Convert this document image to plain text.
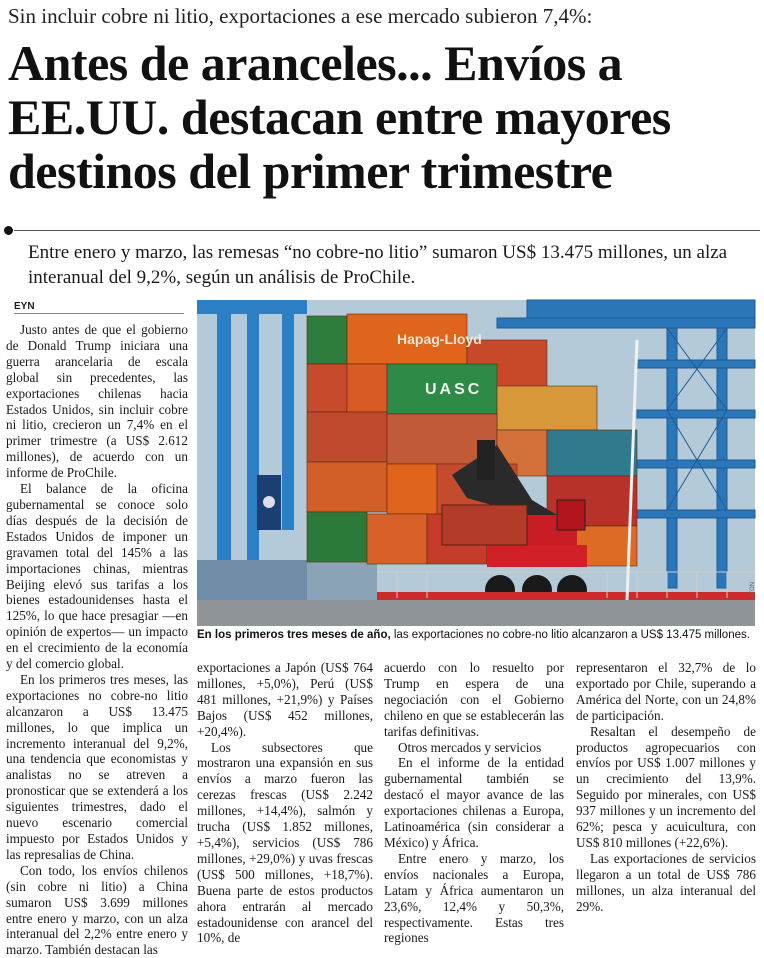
Sin incluir cobre ni litio, exportaciones a ese mercado subieron 7,4%:
Antes de aranceles... Envíos a EE.UU. destacan entre mayores destinos del primer trimestre
Entre enero y marzo, las remesas “no cobre-no litio” sumaron US$ 13.475 millones, un alza interanual del 9,2%, según un análisis de ProChile.
EYN

Justo antes de que el gobierno de Donald Trump iniciara una guerra arancelaria de escala global sin precedentes, las exportaciones chilenas hacia Estados Unidos, sin incluir cobre ni litio, crecieron un 7,4% en el primer trimestre (a US$ 2.612 millones), de acuerdo con un informe de ProChile.

El balance de la oficina gubernamental se conoce solo días después de la decisión de Estados Unidos de imponer un gravamen total del 145% a las importaciones chinas, mientras Beijing elevó sus tarifas a los bienes estadounidenses hasta el 125%, lo que hace presagiar —en opinión de expertos— un impacto en el crecimiento de la economía y del comercio global.

En los primeros tres meses, las exportaciones no cobre-no litio alcanzaron a US$ 13.475 millones, lo que implica un incremento interanual del 9,2%, una tendencia que economistas y analistas no se atreven a pronosticar que se extenderá a los siguientes trimestres, dado el nuevo escenario comercial impuesto por Estados Unidos y las represalias de China.

Con todo, los envíos chilenos (sin cobre ni litio) a China sumaron US$ 3.699 millones entre enero y marzo, con un alza interanual del 2,2% entre enero y marzo. También destacan las

Hapag-Lloyd
UASC
ATON
En los primeros tres meses de año, las exportaciones no cobre-no litio alcanzaron a US$ 13.475 millones.

exportaciones a Japón (US$ 764 millones, +5,0%), Perú (US$ 481 millones, +21,9%) y Países Bajos (US$ 452 millones, +20,4%).

Los subsectores que mostraron una expansión en sus envíos a marzo fueron las cerezas frescas (US$ 2.242 millones, +14,4%), salmón y trucha (US$ 1.852 millones, +5,4%), servicios (US$ 786 millones, +29,0%) y uvas frescas (US$ 500 millones, +18,7%). Buena parte de estos productos ahora entrarán al mercado estadounidense con arancel del 10%, de

acuerdo con lo resuelto por Trump en espera de una negociación con el Gobierno chileno en que se establecerán las tarifas definitivas.

Otros mercados y servicios

En el informe de la entidad gubernamental también se destacó el mayor avance de las exportaciones chilenas a Europa, Latinoamérica (sin considerar a México) y África.

Entre enero y marzo, los envíos nacionales a Europa, Latam y África aumentaron un 23,6%, 12,4% y 50,3%, respectivamente. Estas tres regiones

representaron el 32,7% de lo exportado por Chile, superando a América del Norte, con un 24,8% de participación.

Resaltan el desempeño de productos agropecuarios con envíos por US$ 1.007 millones y un crecimiento del 13,9%. Seguido por minerales, con US$ 937 millones y un incremento del 62%; pesca y acuicultura, con US$ 810 millones (+22,6%).

Las exportaciones de servicios llegaron a un total de US$ 786 millones, un alza interanual del 29%.
